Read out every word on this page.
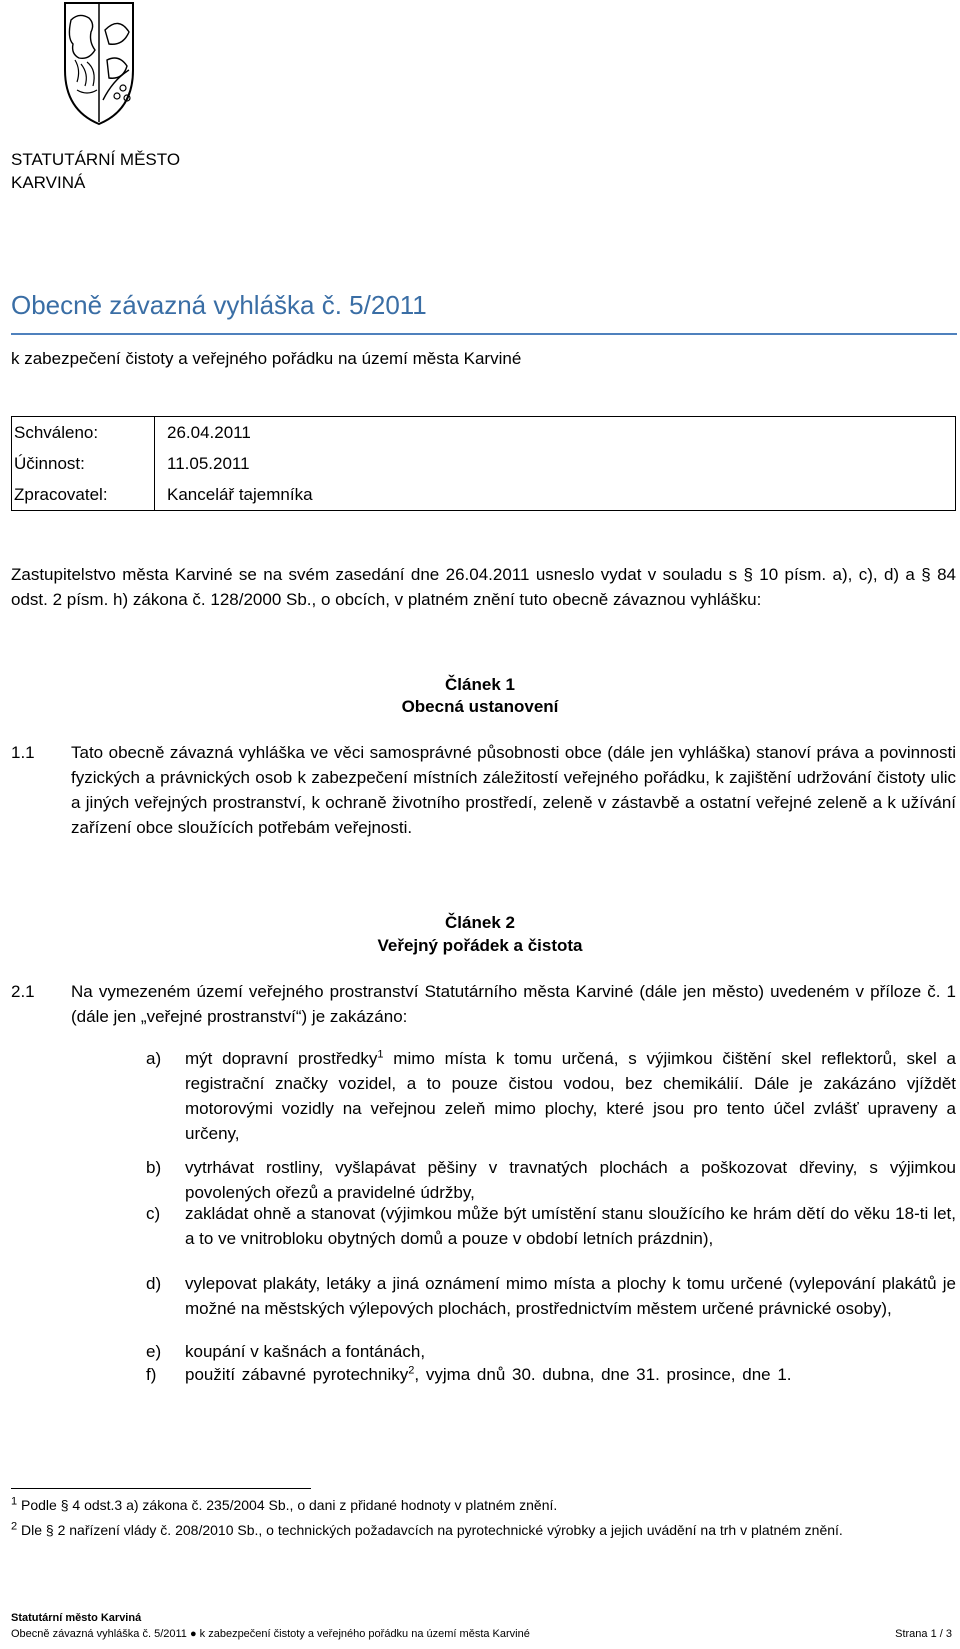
STATUTÁRNÍ MĚSTO
KARVINÁ
Obecně závazná vyhláška č. 5/2011
k zabezpečení čistoty a veřejného pořádku na území města Karviné
Schváleno:	26.04.2011
Účinnost:	11.05.2011
Zpracovatel:	Kancelář tajemníka
Zastupitelstvo města Karviné se na svém zasedání dne 26.04.2011 usneslo vydat v souladu s § 10 písm. a), c), d) a § 84 odst. 2 písm. h) zákona č. 128/2000 Sb., o obcích, v platném znění tuto obecně závaznou vyhlášku:
Článek 1
Obecná ustanovení
1.1 Tato obecně závazná vyhláška ve věci samosprávné působnosti obce (dále jen vyhláška) stanoví práva a povinnosti fyzických a právnických osob k zabezpečení místních záležitostí veřejného pořádku, k zajištění udržování čistoty ulic a jiných veřejných prostranství, k ochraně životního prostředí, zeleně v zástavbě a ostatní veřejné zeleně a k užívání zařízení obce sloužících potřebám veřejnosti.
Článek 2
Veřejný pořádek a čistota
2.1 Na vymezeném území veřejného prostranství Statutárního města Karviné (dále jen město) uvedeném v příloze č. 1 (dále jen „veřejné prostranství“) je zakázáno:
a) mýt dopravní prostředky$^1$ mimo místa k tomu určená, s výjimkou čištění skel reflektorů, skel a registrační značky vozidel, a to pouze čistou vodou, bez chemikálií. Dále je zakázáno vjíždět motorovými vozidly na veřejnou zeleň mimo plochy, které jsou pro tento účel zvlášť upraveny a určeny,
b) vytrhávat rostliny, vyšlapávat pěšiny v travnatých plochách a poškozovat dřeviny, s výjimkou povolených ořezů a pravidelné údržby,
c) zakládat ohně a stanovat (výjimkou může být umístění stanu sloužícího ke hrám dětí do věku 18-ti let, a to ve vnitrobloku obytných domů a pouze v období letních prázdnin),
d) vylepovat plakáty, letáky a jiná oznámení mimo místa a plochy k tomu určené (vylepování plakátů je možné na městských výlepových plochách, prostřednictvím městem určené právnické osoby),
e) koupání v kašnách a fontánách,
f) použití zábavné pyrotechniky$^2$, vyjma dnů 30. dubna, dne 31. prosince, dne 1.
$^1$ Podle § 4 odst.3 a) zákona č. 235/2004 Sb., o dani z přidané hodnoty v platném znění.
$^2$ Dle § 2 nařízení vlády č. 208/2010 Sb., o technických požadavcích na pyrotechnické výrobky a jejich uvádění na trh v platném znění.
Statutární město Karviná
Obecně závazná vyhláška č. 5/2011 ● k zabezpečení čistoty a veřejného pořádku na území města Karviné	Strana 1 / 3
